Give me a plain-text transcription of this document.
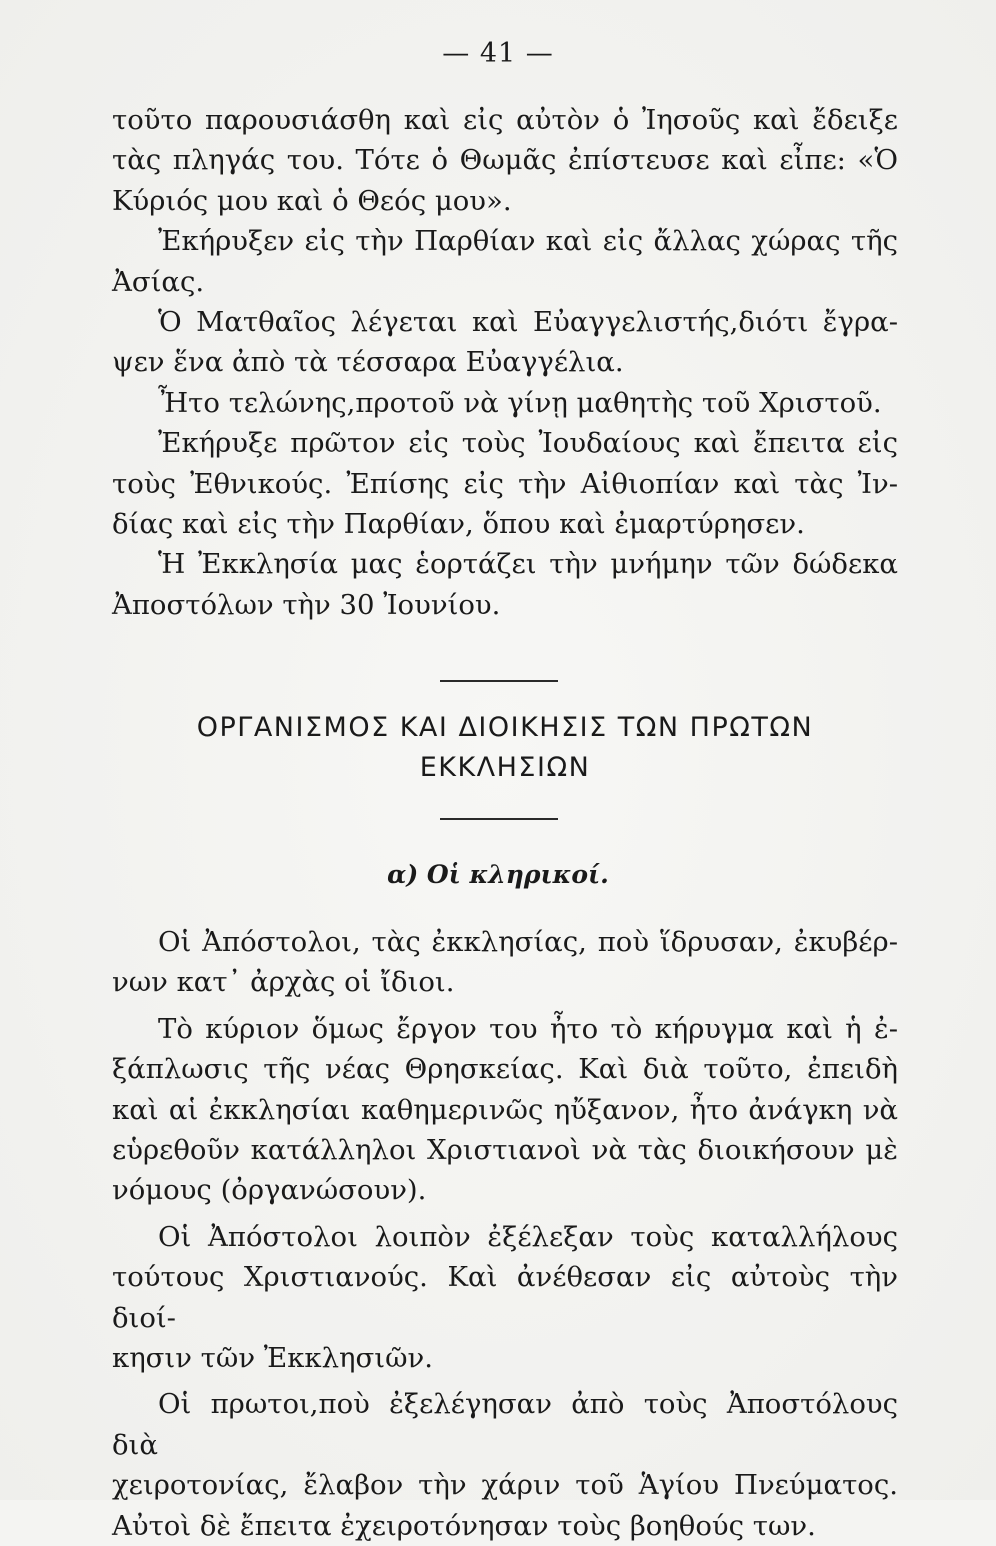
— 41 —

τοῦτο παρουσιάσθη καὶ εἰς αὐτὸν ὁ Ἰησοῦς καὶ ἔδειξε

τὰς πληγάς του. Τότε ὁ Θωμᾶς ἐπίστευσε καὶ εἶπε: «Ὁ

Κύριός μου καὶ ὁ Θεός μου».

Ἐκήρυξεν εἰς τὴν Παρθίαν καὶ εἰς ἄλλας χώρας τῆς

Ἀσίας.

Ὁ Ματθαῖος λέγεται καὶ Εὐαγγελιστής,διότι ἔγρα-

ψεν ἕνα ἀπὸ τὰ τέσσαρα Εὐαγγέλια.

Ἦτο τελώνης,πρoτοῦ νὰ γίνῃ μαθητὴς τοῦ Χριστοῦ.

Ἐκήρυξε πρῶτον εἰς τοὺς Ἰουδαίους καὶ ἔπειτα εἰς

τοὺς Ἐθνικούς. Ἐπίσης εἰς τὴν Αἰθιοπίαν καὶ τὰς Ἰν-

δίας καὶ εἰς τὴν Παρθίαν, ὅπου καὶ ἐμαρτύρησεν.

Ἡ Ἐκκλησία μας ἑορτάζει τὴν μνήμην τῶν δώδεκα

Ἀποστόλων τὴν 30 Ἰουνίου.

ΟΡΓΑΝΙΣΜΟΣ ΚΑΙ ΔΙΟΙΚΗΣΙΣ ΤΩΝ ΠΡΩΤΩΝ
ΕΚΚΛΗΣΙΩΝ
α) Οἱ κληρικοί.

Οἱ Ἀπόστολοι, τὰς ἐκκλησίας, ποὺ ἵδρυσαν, ἐκυβέρ-

νων κατ᾽ ἀρχὰς οἱ ἴδιοι.

Τὸ κύριον ὅμως ἔργον του ἦτο τὸ κήρυγμα καὶ ἡ ἐ-

ξάπλωσις τῆς νέας Θρησκείας. Καὶ διὰ τοῦτο, ἐπειδὴ

καὶ αἱ ἐκκλησίαι καθημερινῶς ηὔξανον, ἦτο ἀνάγκη νὰ

εὑρεθοῦν κατάλληλοι Χριστιανοὶ νὰ τὰς διοικήσουν μὲ

νόμους (ὀργανώσουν).

Οἱ Ἀπόστολοι λοιπὸν ἐξέλεξαν τοὺς καταλλήλους

τούτους Χριστιανούς. Καὶ ἀνέθεσαν εἰς αὐτοὺς τὴν διοί-

κησιν τῶν Ἐκκλησιῶν.

Οἱ πρωτοι,ποὺ ἐξελέγησαν ἀπὸ τοὺς Ἀποστόλους διὰ

χειροτονίας, ἔλαβον τὴν χάριν τοῦ Ἁγίου Πνεύματος.

Αὐτοὶ δὲ ἔπειτα ἐχειροτόνησαν τοὺς βοηθούς των.
